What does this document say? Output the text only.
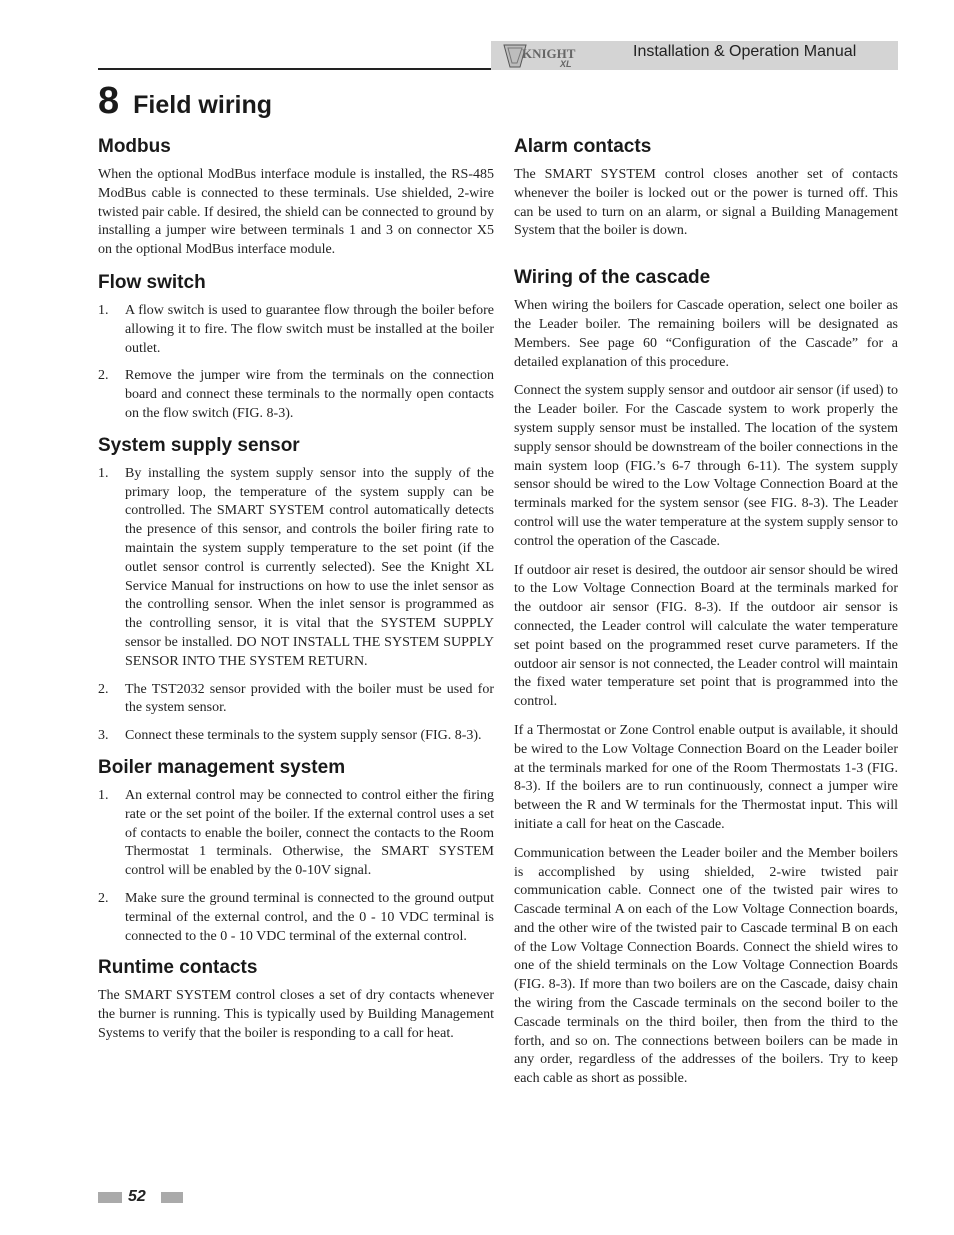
KNIGHT
XL
Installation & Operation Manual
8 Field wiring
Modbus

When the optional ModBus interface module is installed, the RS-485 ModBus cable is connected to these terminals. Use shielded, 2-wire twisted pair cable. If desired, the shield can be connected to ground by installing a jumper wire between terminals 1 and 3 on connector X5 on the optional ModBus interface module.

Flow switch
1. A flow switch is used to guarantee flow through the boiler before allowing it to fire. The flow switch must be installed at the boiler outlet.
2. Remove the jumper wire from the terminals on the connection board and connect these terminals to the normally open contacts on the flow switch (FIG. 8-3).
System supply sensor
1. By installing the system supply sensor into the supply of the primary loop, the temperature of the system supply can be controlled. The SMART SYSTEM control automatically detects the presence of this sensor, and controls the boiler firing rate to maintain the system supply temperature to the set point (if the outlet sensor control is currently selected). See the Knight XL Service Manual for instructions on how to use the inlet sensor as the controlling sensor. When the inlet sensor is programmed as the controlling sensor, it is vital that the SYSTEM SUPPLY sensor be installed. DO NOT INSTALL THE SYSTEM SUPPLY SENSOR INTO THE SYSTEM RETURN.
2. The TST2032 sensor provided with the boiler must be used for the system sensor.
3. Connect these terminals to the system supply sensor (FIG. 8-3).
Boiler management system
1. An external control may be connected to control either the firing rate or the set point of the boiler. If the external control uses a set of contacts to enable the boiler, connect the contacts to the Room Thermostat 1 terminals. Otherwise, the SMART SYSTEM control will be enabled by the 0-10V signal.
2. Make sure the ground terminal is connected to the ground output terminal of the external control, and the 0 - 10 VDC terminal is connected to the 0 - 10 VDC terminal of the external control.
Runtime contacts

The SMART SYSTEM control closes a set of dry contacts whenever the burner is running. This is typically used by Building Management Systems to verify that the boiler is responding to a call for heat.

Alarm contacts

The SMART SYSTEM control closes another set of contacts whenever the boiler is locked out or the power is turned off. This can be used to turn on an alarm, or signal a Building Management System that the boiler is down.

Wiring of the cascade

When wiring the boilers for Cascade operation, select one boiler as the Leader boiler. The remaining boilers will be designated as Members. See page 60 “Configuration of the Cascade” for a detailed explanation of this procedure.

Connect the system supply sensor and outdoor air sensor (if used) to the Leader boiler. For the Cascade system to work properly the system supply sensor must be installed. The location of the system supply sensor should be downstream of the boiler connections in the main system loop (FIG.’s 6-7 through 6-11). The system supply sensor should be wired to the Low Voltage Connection Board at the terminals marked for the system sensor (see FIG. 8-3). The Leader control will use the water temperature at the system supply sensor to control the operation of the Cascade.

If outdoor air reset is desired, the outdoor air sensor should be wired to the Low Voltage Connection Board at the terminals marked for the outdoor air sensor (FIG. 8-3). If the outdoor air sensor is connected, the Leader control will calculate the water temperature set point based on the programmed reset curve parameters. If the outdoor air sensor is not connected, the Leader control will maintain the fixed water temperature set point that is programmed into the control.

If a Thermostat or Zone Control enable output is available, it should be wired to the Low Voltage Connection Board on the Leader boiler at the terminals marked for one of the Room Thermostats 1-3 (FIG. 8-3). If the boilers are to run continuously, connect a jumper wire between the R and W terminals for the Thermostat input. This will initiate a call for heat on the Cascade.

Communication between the Leader boiler and the Member boilers is accomplished by using shielded, 2-wire twisted pair communication cable. Connect one of the twisted pair wires to Cascade terminal A on each of the Low Voltage Connection boards, and the other wire of the twisted pair to Cascade terminal B on each of the Low Voltage Connection Boards. Connect the shield wires to one of the shield terminals on the Low Voltage Connection Boards (FIG. 8-3). If more than two boilers are on the Cascade, daisy chain the wiring from the Cascade terminals on the second boiler to the Cascade terminals on the third boiler, then from the third to the forth, and so on. The connections between boilers can be made in any order, regardless of the addresses of the boilers. Try to keep each cable as short as possible.

52
